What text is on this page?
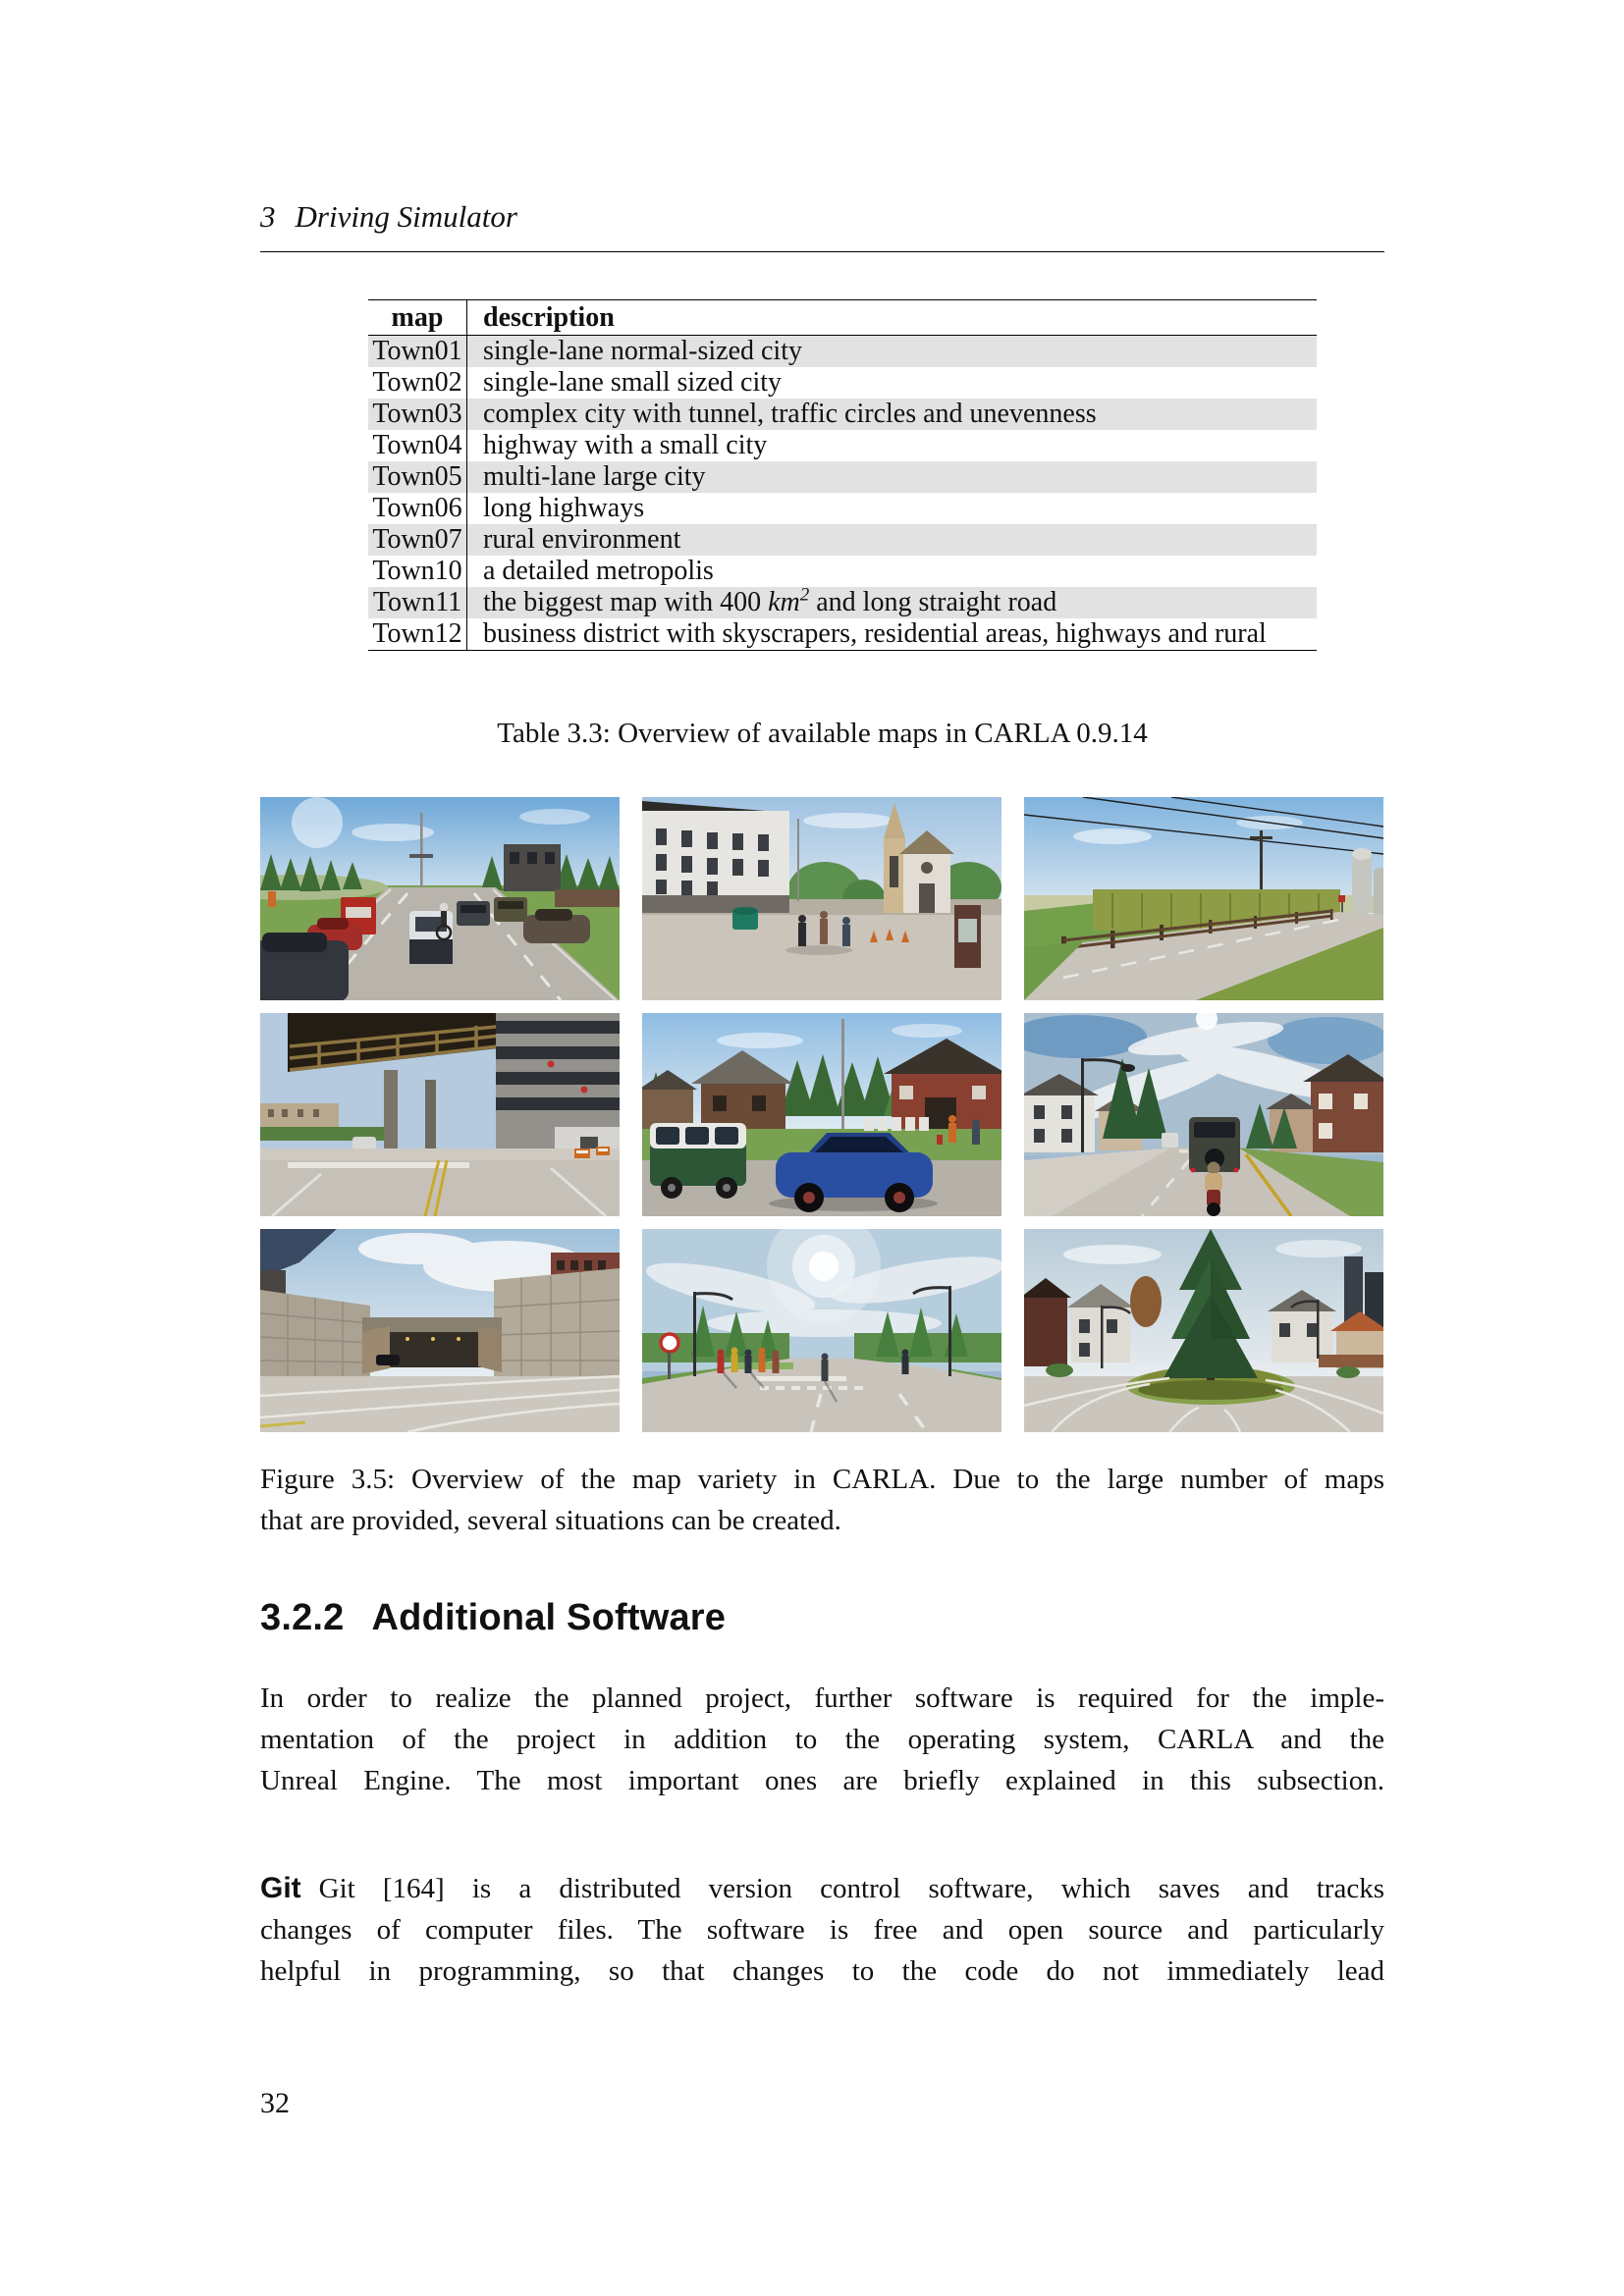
3 Driving Simulator
map	description
Town01	single-lane normal-sized city
Town02	single-lane small sized city
Town03	complex city with tunnel, traffic circles and unevenness
Town04	highway with a small city
Town05	multi-lane large city
Town06	long highways
Town07	rural environment
Town10	a detailed metropolis
Town11	the biggest map with 400 $km^2$ and long straight road
Town12	business district with skyscrapers, residential areas, highways and rural
Table 3.3: Overview of available maps in CARLA 0.9.14
Figure 3.5: Overview of the map variety in CARLA. Due to the large number of maps
that are provided, several situations can be created.
3.2.2 Additional Software
In order to realize the planned project, further software is required for the imple-
mentation of the project in addition to the operating system, CARLA and the
Unreal Engine. The most important ones are briefly explained in this subsection.
Git Git [164] is a distributed version control software, which saves and tracks
changes of computer files. The software is free and open source and particularly
helpful in programming, so that changes to the code do not immediately lead
32
